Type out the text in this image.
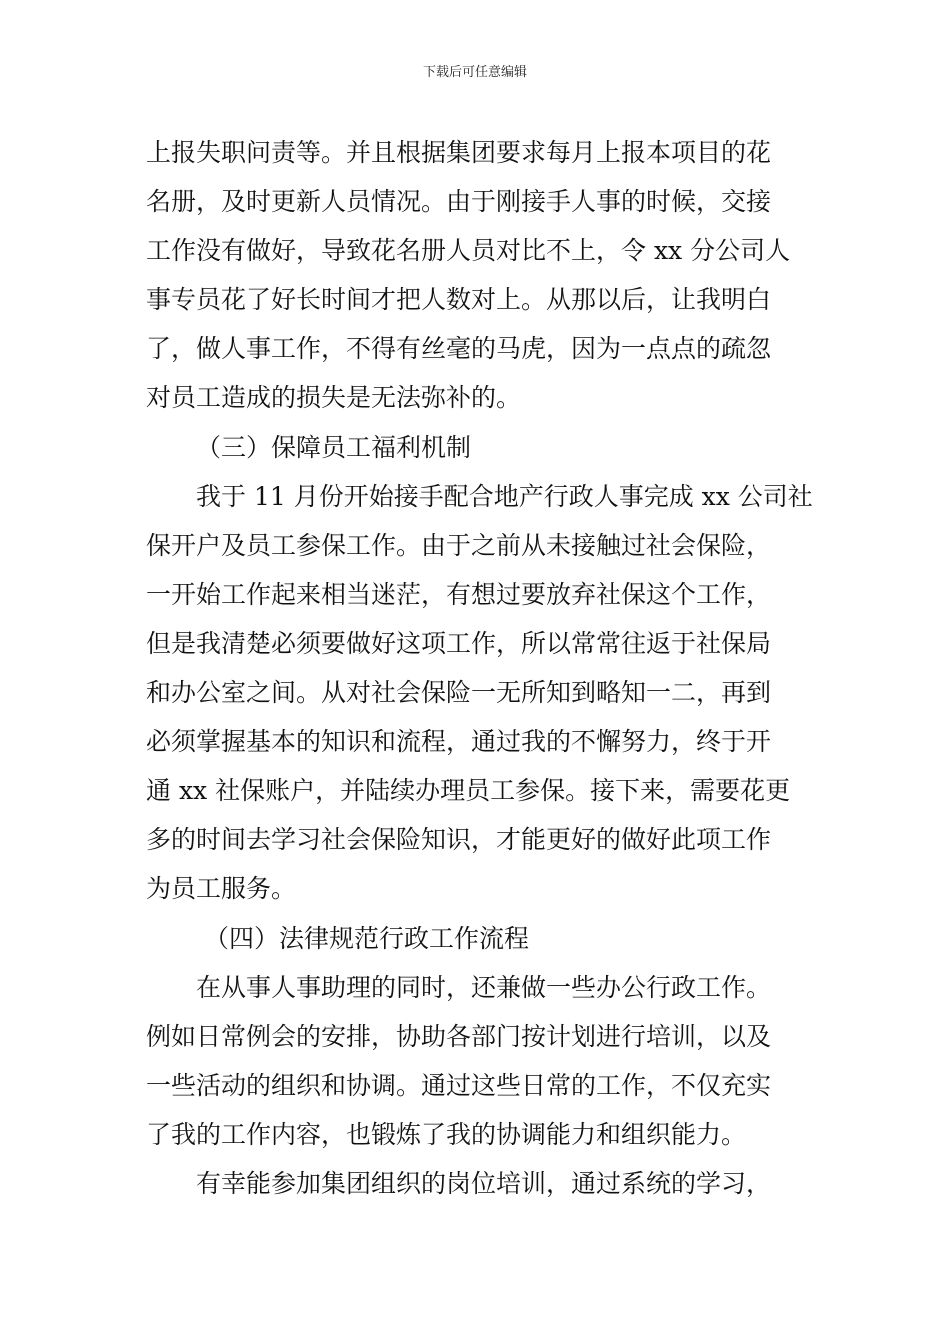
下载后可任意编辑
上报失职问责等。并且根据集团要求每月上报本项目的花
名册，及时更新人员情况。由于刚接手人事的时候，交接
工作没有做好，导致花名册人员对比不上，令 xx 分公司人
事专员花了好长时间才把人数对上。从那以后，让我明白
了，做人事工作，不得有丝毫的马虎，因为一点点的疏忽
对员工造成的损失是无法弥补的。
（三）保障员工福利机制
我于 11 月份开始接手配合地产行政人事完成 xx 公司社
保开户及员工参保工作。由于之前从未接触过社会保险，
一开始工作起来相当迷茫，有想过要放弃社保这个工作，
但是我清楚必须要做好这项工作，所以常常往返于社保局
和办公室之间。从对社会保险一无所知到略知一二，再到
必须掌握基本的知识和流程，通过我的不懈努力，终于开
通 xx 社保账户，并陆续办理员工参保。接下来，需要花更
多的时间去学习社会保险知识，才能更好的做好此项工作
为员工服务。
（四）法律规范行政工作流程
在从事人事助理的同时，还兼做一些办公行政工作。
例如日常例会的安排，协助各部门按计划进行培训，以及
一些活动的组织和协调。通过这些日常的工作，不仅充实
了我的工作内容，也锻炼了我的协调能力和组织能力。
有幸能参加集团组织的岗位培训，通过系统的学习，
